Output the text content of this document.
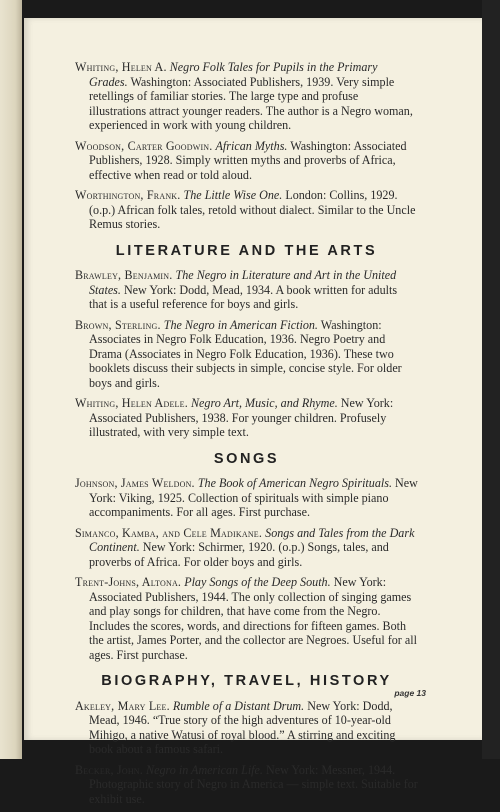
Whiting, Helen A. Negro Folk Tales for Pupils in the Primary Grades. Washington: Associated Publishers, 1939. Very simple retellings of familiar stories. The large type and profuse illustrations attract younger readers. The author is a Negro woman, experienced in work with young children.

Woodson, Carter Goodwin. African Myths. Washington: Associated Publishers, 1928. Simply written myths and proverbs of Africa, effective when read or told aloud.

Worthington, Frank. The Little Wise One. London: Collins, 1929. (o.p.) African folk tales, retold without dialect. Similar to the Uncle Remus stories.

LITERATURE AND THE ARTS

Brawley, Benjamin. The Negro in Literature and Art in the United States. New York: Dodd, Mead, 1934. A book written for adults that is a useful reference for boys and girls.

Brown, Sterling. The Negro in American Fiction. Washington: Associates in Negro Folk Education, 1936. Negro Poetry and Drama (Associates in Negro Folk Education, 1936). These two booklets discuss their subjects in simple, concise style. For older boys and girls.

Whiting, Helen Adele. Negro Art, Music, and Rhyme. New York: Associated Publishers, 1938. For younger children. Profusely illustrated, with very simple text.

SONGS

Johnson, James Weldon. The Book of American Negro Spirituals. New York: Viking, 1925. Collection of spirituals with simple piano accompaniments. For all ages. First purchase.

Simanco, Kamba, and Cele Madikane. Songs and Tales from the Dark Continent. New York: Schirmer, 1920. (o.p.) Songs, tales, and proverbs of Africa. For older boys and girls.

Trent-Johns, Altona. Play Songs of the Deep South. New York: Associated Publishers, 1944. The only collection of singing games and play songs for children, that have come from the Negro. Includes the scores, words, and directions for fifteen games. Both the artist, James Porter, and the collector are Negroes. Useful for all ages. First purchase.

BIOGRAPHY, TRAVEL, HISTORY

Akeley, Mary Lee. Rumble of a Distant Drum. New York: Dodd, Mead, 1946. “True story of the high adventures of 10-year-old Mihigo, a native Watusi of royal blood.” A stirring and exciting book about a famous safari.

Becker, John. Negro in American Life. New York: Messner, 1944. Photographic story of Negro in America — simple text. Suitable for exhibit use.

page 13
